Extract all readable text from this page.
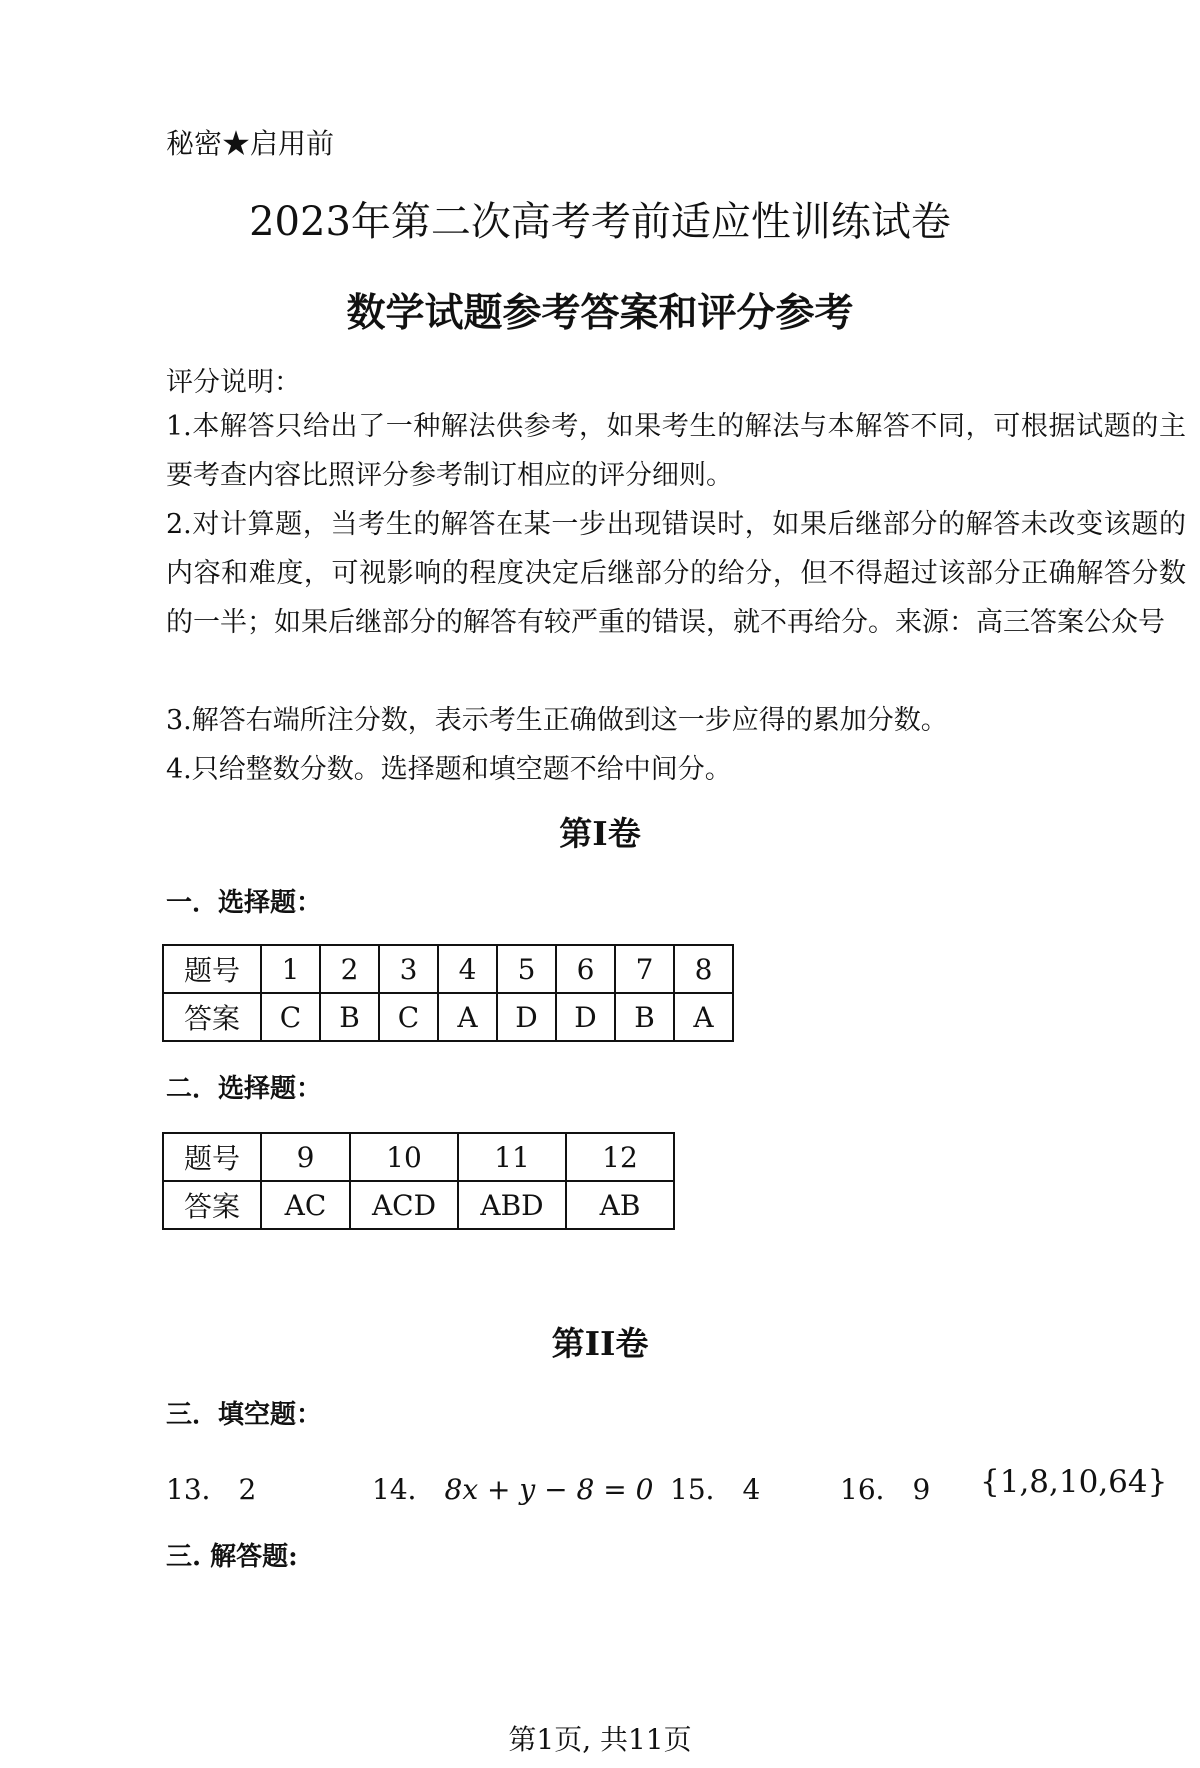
秘密★启用前
2023年第二次高考考前适应性训练试卷
数学试题参考答案和评分参考
评分说明：
1.本解答只给出了一种解法供参考，如果考生的解法与本解答不同，可根据试题的主要考查内容比照评分参考制订相应的评分细则。
2.对计算题，当考生的解答在某一步出现错误时，如果后继部分的解答未改变该题的内容和难度，可视影响的程度决定后继部分的给分，但不得超过该部分正确解答分数的一半；如果后继部分的解答有较严重的错误，就不再给分。来源：高三答案公众号
3.解答右端所注分数，表示考生正确做到这一步应得的累加分数。
4.只给整数分数。选择题和填空题不给中间分。
第I卷
一．选择题：
题号	1	2	3	4	5	6	7	8
答案	C	B	C	A	D	D	B	A
二．选择题：
题号	9	10	11	12
答案	AC	ACD	ABD	AB
第II卷
三．填空题：
13． 2	14． 8x + y − 8 = 0 15． 4	16． 9 {1,8,10,64}
三. 解答题:
第1页, 共11页
